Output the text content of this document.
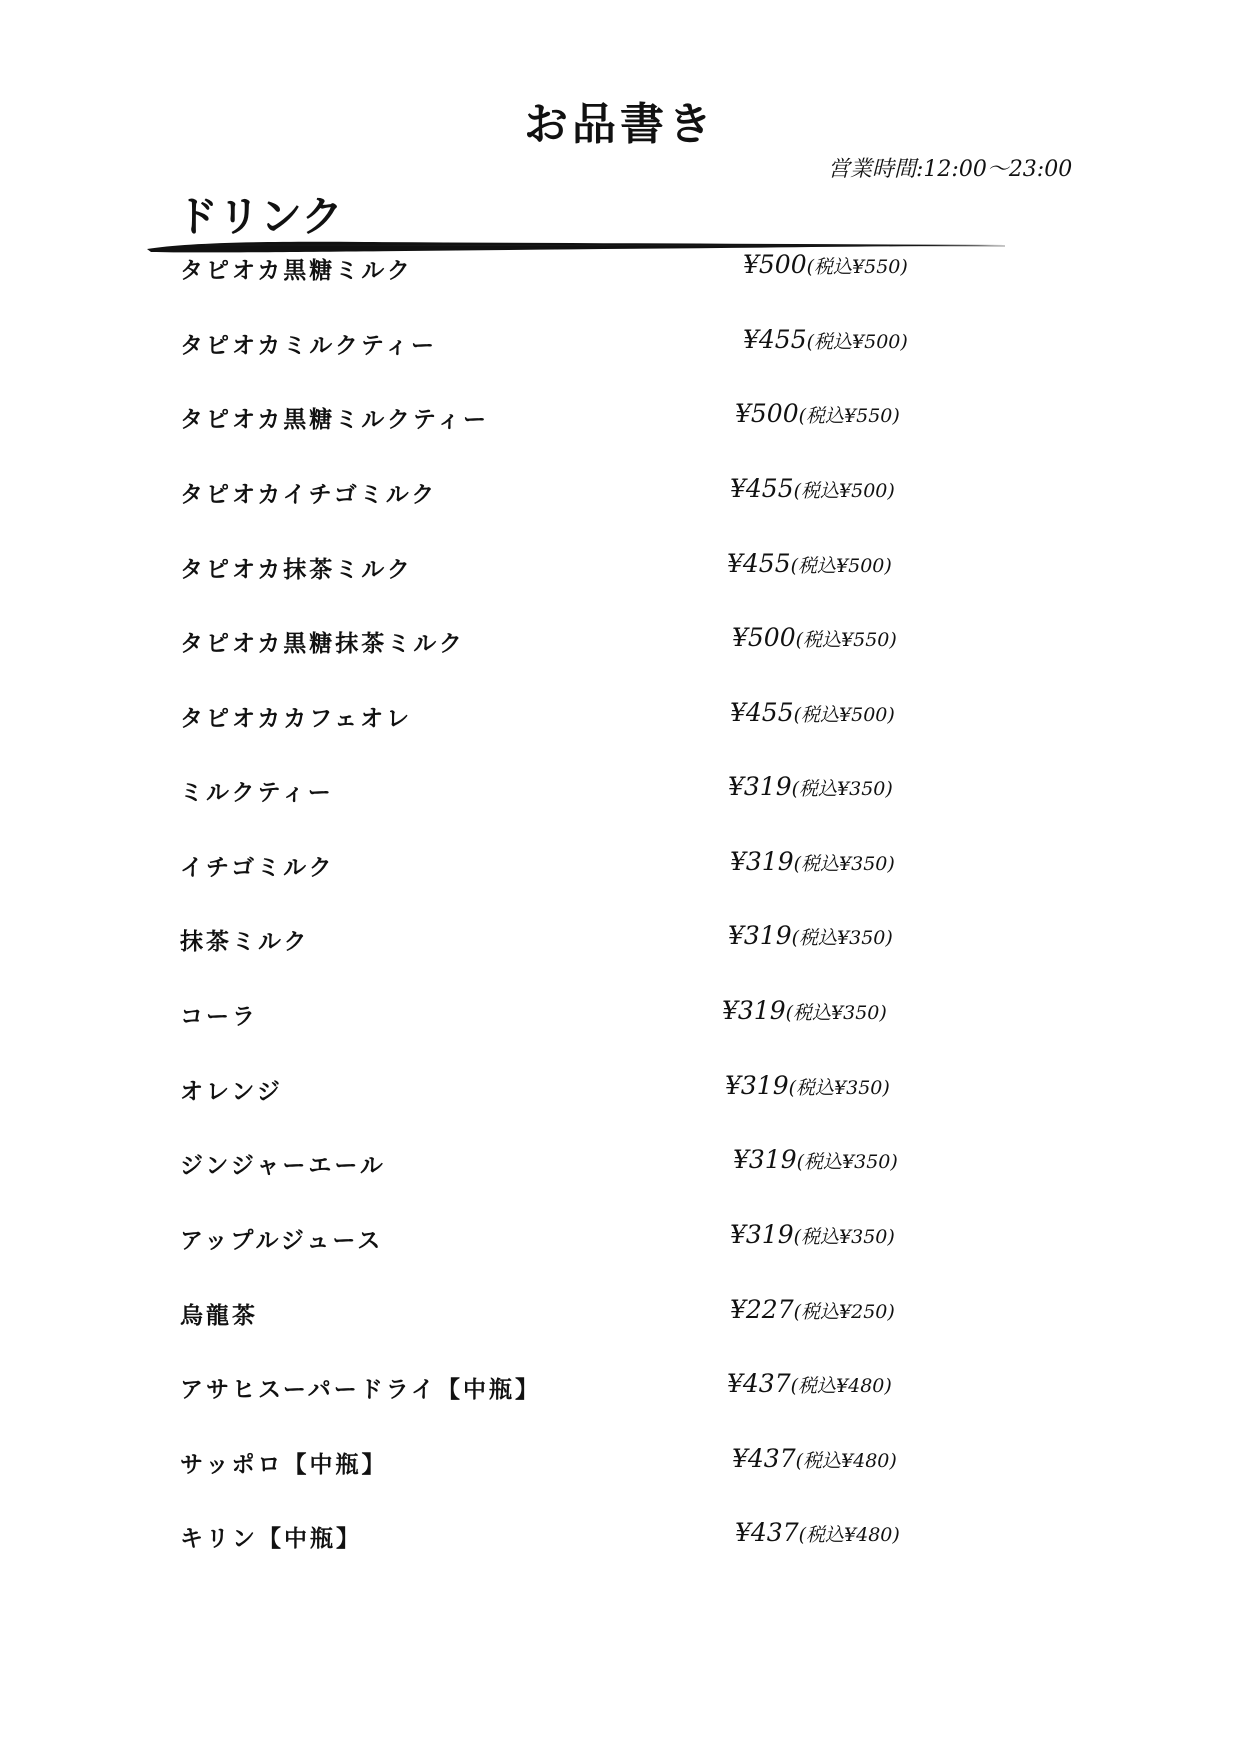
お品書き
営業時間:12:00〜23:00
ドリンク
タピオカ黒糖ミルク	¥500(税込¥550)
タピオカミルクティー	¥455(税込¥500)
タピオカ黒糖ミルクティー	¥500(税込¥550)
タピオカイチゴミルク	¥455(税込¥500)
タピオカ抹茶ミルク	¥455(税込¥500)
タピオカ黒糖抹茶ミルク	¥500(税込¥550)
タピオカカフェオレ	¥455(税込¥500)
ミルクティー	¥319(税込¥350)
イチゴミルク	¥319(税込¥350)
抹茶ミルク	¥319(税込¥350)
コーラ	¥319(税込¥350)
オレンジ	¥319(税込¥350)
ジンジャーエール	¥319(税込¥350)
アップルジュース	¥319(税込¥350)
烏龍茶	¥227(税込¥250)
アサヒスーパードライ【中瓶】	¥437(税込¥480)
サッポロ【中瓶】	¥437(税込¥480)
キリン【中瓶】	¥437(税込¥480)
